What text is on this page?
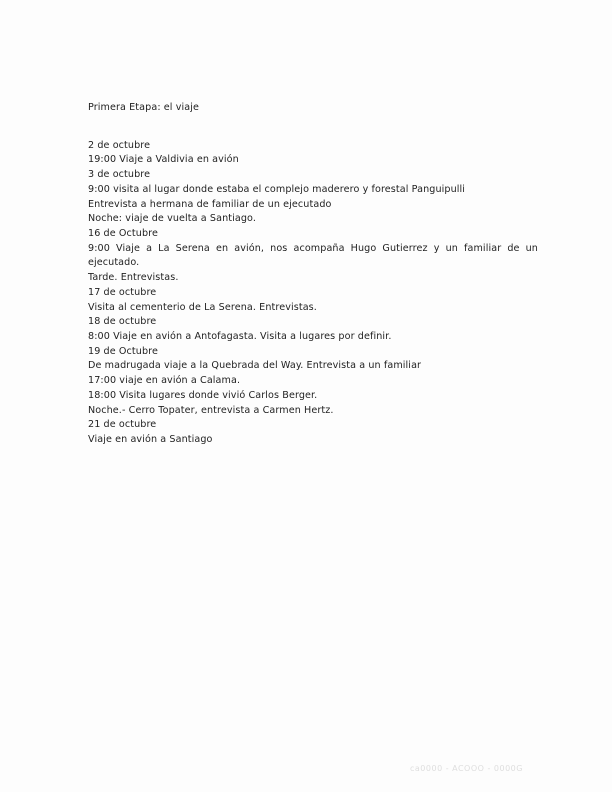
Primera Etapa: el viaje
2 de octubre
19:00 Viaje a Valdivia en avión
3 de octubre
9:00 visita al lugar donde estaba el complejo maderero y forestal Panguipulli
Entrevista a hermana de familiar de un ejecutado
Noche: viaje de vuelta a Santiago.
16 de Octubre
9:00 Viaje a La Serena en avión, nos acompaña Hugo Gutierrez y un familiar de un ejecutado.
Tarde. Entrevistas.
17 de octubre
Visita al cementerio de La Serena. Entrevistas.
18 de octubre
8:00 Viaje en avión a Antofagasta. Visita a lugares por definir.
19 de Octubre
De madrugada viaje a la Quebrada del Way. Entrevista a un familiar
17:00 viaje en avión a Calama.
18:00 Visita lugares donde vivió Carlos Berger.
Noche.- Cerro Topater, entrevista a Carmen Hertz.
21 de octubre
Viaje en avión a Santiago
ca0000 - ACOOO - 0000G
